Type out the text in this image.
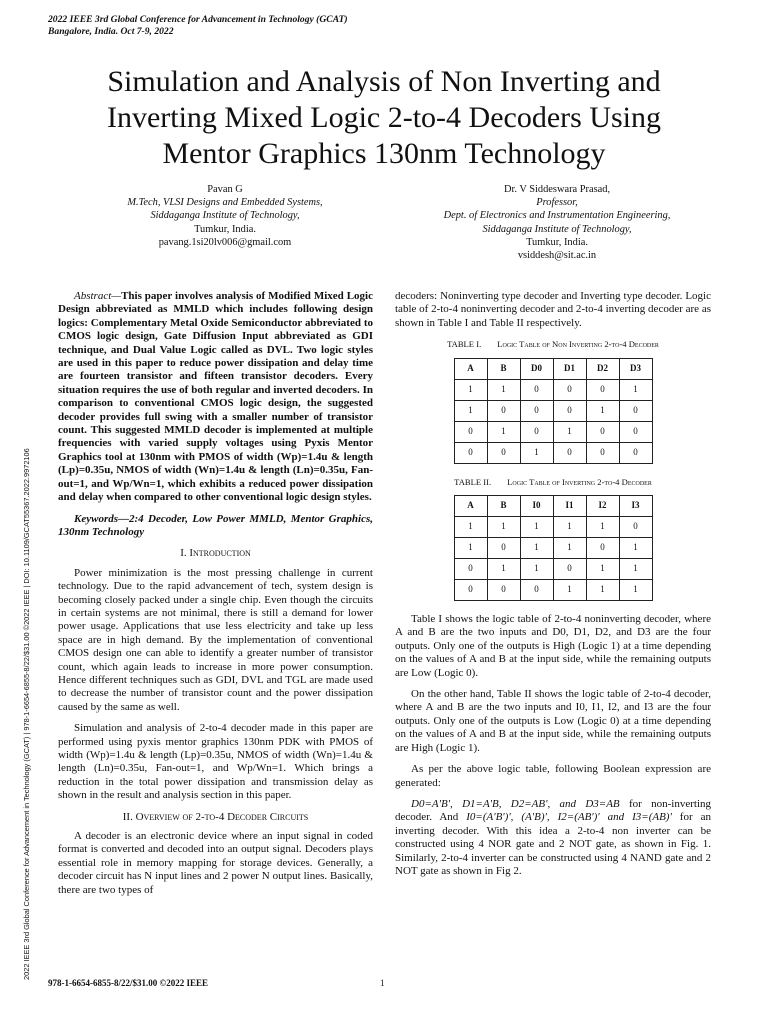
2022 IEEE 3rd Global Conference for Advancement in Technology (GCAT)
Bangalore, India. Oct 7-9, 2022
Simulation and Analysis of Non Inverting and Inverting Mixed Logic 2-to-4 Decoders Using Mentor Graphics 130nm Technology
Pavan G
M.Tech, VLSI Designs and Embedded Systems,
Siddaganga Institute of Technology,
Tumkur, India.
pavang.1si20lv006@gmail.com
Dr. V Siddeswara Prasad,
Professor,
Dept. of Electronics and Instrumentation Engineering,
Siddaganga Institute of Technology,
Tumkur, India.
vsiddesh@sit.ac.in
2022 IEEE 3rd Global Conference for Advancement in Technology (GCAT) | 978-1-6654-6855-8/22/$31.00 ©2022 IEEE | DOI: 10.1109/GCAT55367.2022.9972106

Abstract—This paper involves analysis of Modified Mixed Logic Design abbreviated as MMLD which includes following design logics: Complementary Metal Oxide Semiconductor abbreviated to CMOS logic design, Gate Diffusion Input abbreviated as GDI technique, and Dual Value Logic called as DVL. Two logic styles are used in this paper to reduce power dissipation and delay time are fourteen transistor and fifteen transistor decoders. Every situation requires the use of both regular and inverted decoders. In comparison to conventional CMOS logic design, the suggested decoder provides full swing with a smaller number of transistor count. This suggested MMLD decoder is implemented at multiple frequencies with varied supply voltages using Pyxis Mentor Graphics tool at 130nm with PMOS of width (Wp)=1.4u & length (Lp)=0.35u, NMOS of width (Wn)=1.4u & length (Ln)=0.35u, Fan-out=1, and Wp/Wn=1, which exhibits a reduced power dissipation and delay when compared to other conventional logic design styles.

Keywords—2:4 Decoder, Low Power MMLD, Mentor Graphics, 130nm Technology

I. Introduction

Power minimization is the most pressing challenge in current technology. Due to the rapid advancement of tech, system design is becoming closely packed under a single chip. Even though the circuits in certain systems are not minimal, there is still a demand for lower power usage. Applications that use less electricity and take up less space are in high demand. By the implementation of conventional CMOS design one can able to identify a greater number of transistor count, which again leads to increase in more power consumption. Hence different techniques such as GDI, DVL and TGL are made used to decrease the number of transistor count and the power dissipation caused by the same as well.

Simulation and analysis of 2-to-4 decoder made in this paper are performed using pyxis mentor graphics 130nm PDK with PMOS of width (Wp)=1.4u & length (Lp)=0.35u, NMOS of width (Wn)=1.4u & length (Ln)=0.35u, Fan-out=1, and Wp/Wn=1. Which brings a reduction in the total power dissipation and transmission delay as shown in the result and analysis section in this paper.

II. Overview of 2-to-4 Decoder Circuits

A decoder is an electronic device where an input signal in coded format is converted and decoded into an output signal. Decoders plays essential role in memory mapping for storage devices. Generally, a decoder circuit has N input lines and 2 power N output lines. Basically, there are two types of

decoders: Noninverting type decoder and Inverting type decoder. Logic table of 2-to-4 noninverting decoder and 2-to-4 inverting decoder are as shown in Table I and Table II respectively.

TABLE I. Logic Table of Non Inverting 2-to-4 Decoder
A	B	D0	D1	D2	D3
1	1	0	0	0	1
1	0	0	0	1	0
0	1	0	1	0	0
0	0	1	0	0	0
TABLE II. Logic Table of Inverting 2-to-4 Decoder
A	B	I0	I1	I2	I3
1	1	1	1	1	0
1	0	1	1	0	1
0	1	1	0	1	1
0	0	0	1	1	1

Table I shows the logic table of 2-to-4 noninverting decoder, where A and B are the two inputs and D0, D1, D2, and D3 are the four outputs. Only one of the outputs is High (Logic 1) at a time depending on the values of A and B at the input side, while the remaining outputs are Low (Logic 0).

On the other hand, Table II shows the logic table of 2-to-4 decoder, where A and B are the two inputs and I0, I1, I2, and I3 are the four outputs. Only one of the outputs is Low (Logic 0) at a time depending on the values of A and B at the input side, while the remaining outputs are High (Logic 1).

As per the above logic table, following Boolean expression are generated:

D0=A'B', D1=A'B, D2=AB', and D3=AB for non-inverting decoder. And I0=(A'B')', (A'B)', I2=(AB')' and I3=(AB)' for an inverting decoder. With this idea a 2-to-4 non inverter can be constructed using 4 NOR gate and 2 NOT gate, as shown in Fig. 1. Similarly, 2-to-4 inverter can be constructed using 4 NAND gate and 2 NOT gate as shown in Fig 2.

978-1-6654-6855-8/22/$31.00 ©2022 IEEE	1
